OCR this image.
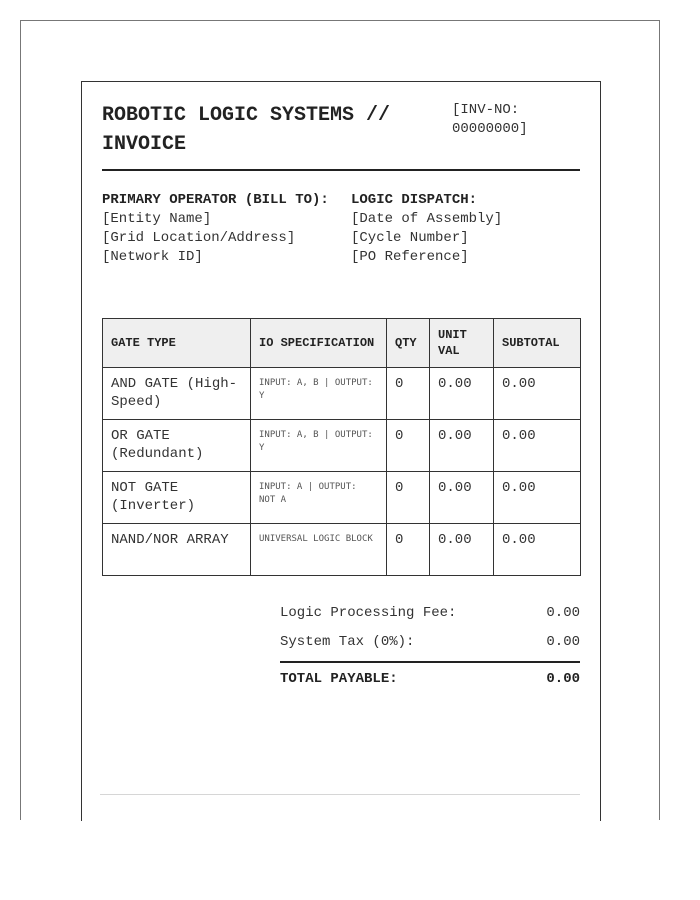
ROBOTIC LOGIC SYSTEMS // INVOICE
[INV-NO: 00000000]
PRIMARY OPERATOR (BILL TO):
[Entity Name]
[Grid Location/Address]
[Network ID]
LOGIC DISPATCH:
[Date of Assembly]
[Cycle Number]
[PO Reference]
GATE TYPE	IO SPECIFICATION	QTY	UNIT VAL	SUBTOTAL
AND GATE (High-Speed)	INPUT: A, B | OUTPUT: Y	0	0.00	0.00
OR GATE (Redundant)	INPUT: A, B | OUTPUT: Y	0	0.00	0.00
NOT GATE (Inverter)	INPUT: A | OUTPUT: NOT A	0	0.00	0.00
NAND/NOR ARRAY	UNIVERSAL LOGIC BLOCK	0	0.00	0.00
Logic Processing Fee:	0.00
System Tax (0%):	0.00
TOTAL PAYABLE:	0.00
